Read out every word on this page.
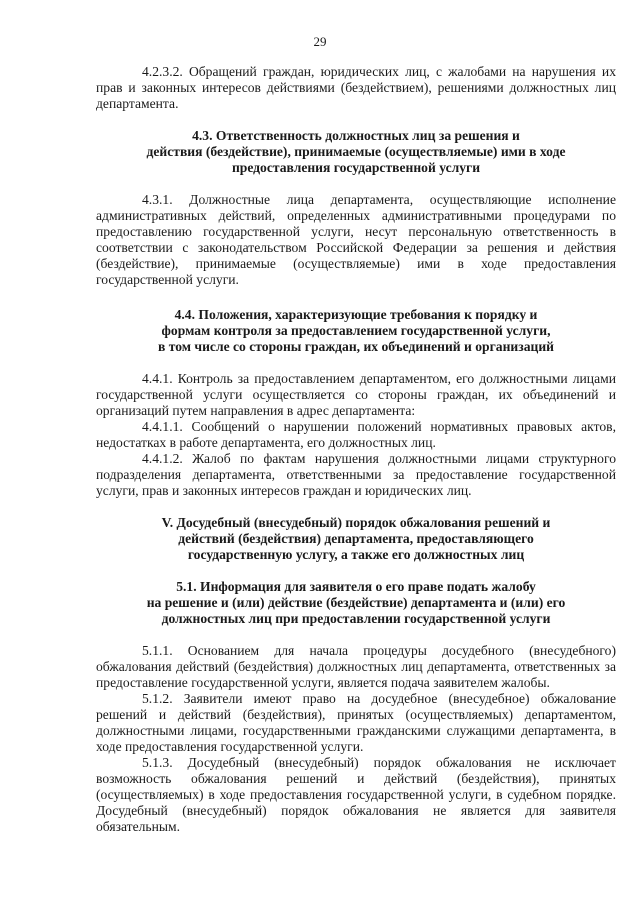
29

4.2.3.2. Обращений граждан, юридических лиц, с жалобами на нарушения их прав и законных интересов действиями (бездействием), решениями должностных лиц департамента.

4.3. Ответственность должностных лиц за решения и
действия (бездействие), принимаемые (осуществляемые) ими в ходе
предоставления государственной услуги

4.3.1. Должностные лица департамента, осуществляющие исполнение административных действий, определенных административными процедурами по предоставлению государственной услуги, несут персональную ответственность в соответствии с законодательством Российской Федерации за решения и действия (бездействие), принимаемые (осуществляемые) ими в ходе предоставления государственной услуги.

4.4. Положения, характеризующие требования к порядку и
формам контроля за предоставлением государственной услуги,
в том числе со стороны граждан, их объединений и организаций

4.4.1. Контроль за предоставлением департаментом, его должностными лицами государственной услуги осуществляется со стороны граждан, их объединений и организаций путем направления в адрес департамента:

4.4.1.1. Сообщений о нарушении положений нормативных правовых актов, недостатках в работе департамента, его должностных лиц.

4.4.1.2. Жалоб по фактам нарушения должностными лицами структурного подразделения департамента, ответственными за предоставление государственной услуги, прав и законных интересов граждан и юридических лиц.

V. Досудебный (внесудебный) порядок обжалования решений и
действий (бездействия) департамента, предоставляющего
государственную услугу, а также его должностных лиц

5.1. Информация для заявителя о его праве подать жалобу
на решение и (или) действие (бездействие) департамента и (или) его
должностных лиц при предоставлении государственной услуги

5.1.1. Основанием для начала процедуры досудебного (внесудебного) обжалования действий (бездействия) должностных лиц департамента, ответственных за предоставление государственной услуги, является подача заявителем жалобы.

5.1.2. Заявители имеют право на досудебное (внесудебное) обжалование решений и действий (бездействия), принятых (осуществляемых) департаментом, должностными лицами, государственными гражданскими служащими департамента, в ходе предоставления государственной услуги.

5.1.3. Досудебный (внесудебный) порядок обжалования не исключает возможность обжалования решений и действий (бездействия), принятых (осуществляемых) в ходе предоставления государственной услуги, в судебном порядке. Досудебный (внесудебный) порядок обжалования не является для заявителя обязательным.
